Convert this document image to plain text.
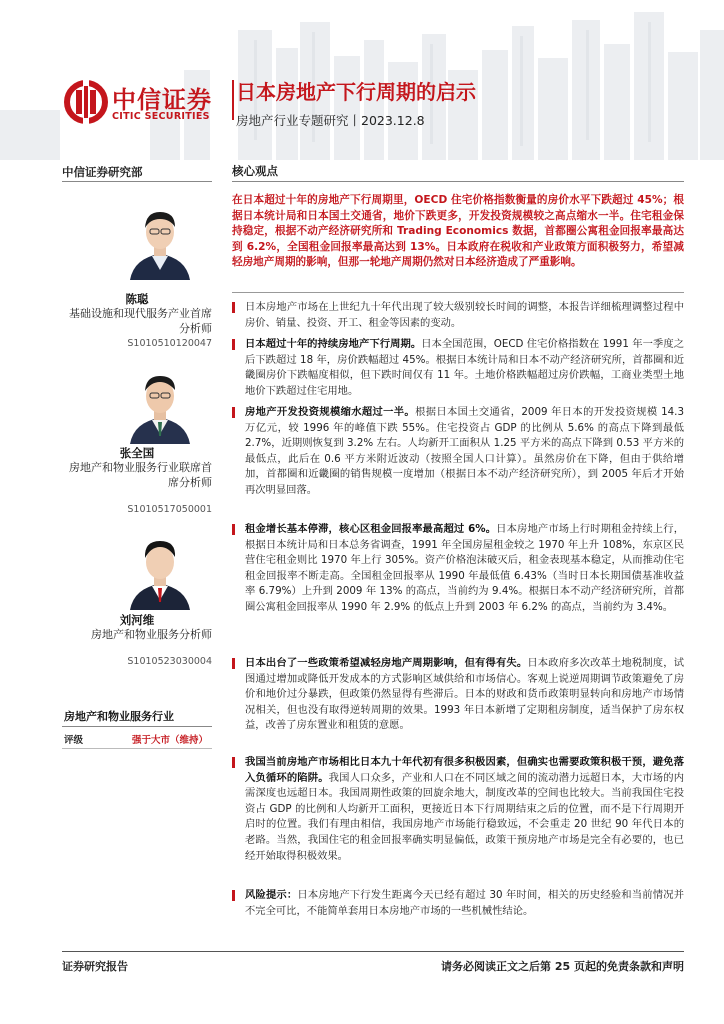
中信证券
CITIC SECURITIES
日本房地产下行周期的启示
房地产行业专题研究丨2023.12.8
中信证券研究部
陈聪
基础设施和现代服务产业首席分析师
S1010510120047
张全国
房地产和物业服务行业联席首席分析师
S1010517050001
刘河维
房地产和物业服务分析师
S1010523030004
房地产和物业服务行业
评级	强于大市（维持）
核心观点
在日本超过十年的房地产下行周期里，OECD 住宅价格指数衡量的房价水平下跌超过 45%；根据日本统计局和日本国土交通省，地价下跌更多，开发投资规模较之高点缩水一半。住宅租金保持稳定，根据不动产经济研究所和 Trading Economics 数据，首都圈公寓租金回报率最高达到 6.2%，全国租金回报率最高达到 13%。日本政府在税收和产业政策方面积极努力，希望减轻房地产周期的影响，但那一轮地产周期仍然对日本经济造成了严重影响。
日本房地产市场在上世纪九十年代出现了较大级别较长时间的调整，本报告详细梳理调整过程中房价、销量、投资、开工、租金等因素的变动。
日本超过十年的持续房地产下行周期。日本全国范围，OECD 住宅价格指数在 1991 年一季度之后下跌超过 18 年，房价跌幅超过 45%。根据日本统计局和日本不动产经济研究所，首都圈和近畿圈房价下跌幅度相似，但下跌时间仅有 11 年。土地价格跌幅超过房价跌幅，工商业类型土地地价下跌超过住宅用地。
房地产开发投资规模缩水超过一半。根据日本国土交通省，2009 年日本的开发投资规模 14.3 万亿元，较 1996 年的峰值下跌 55%。住宅投资占 GDP 的比例从 5.6% 的高点下降到最低 2.7%，近期则恢复到 3.2% 左右。人均新开工面积从 1.25 平方米的高点下降到 0.53 平方米的最低点，此后在 0.6 平方米附近波动（按照全国人口计算）。虽然房价在下降，但由于供给增加，首都圈和近畿圈的销售规模一度增加（根据日本不动产经济研究所），到 2005 年后才开始再次明显回落。
租金增长基本停滞，核心区租金回报率最高超过 6%。日本房地产市场上行时期租金持续上行，根据日本统计局和日本总务省调查，1991 年全国房屋租金较之 1970 年上升 108%，东京区民营住宅租金则比 1970 年上行 305%。资产价格泡沫破灭后，租金表现基本稳定，从而推动住宅租金回报率不断走高。全国租金回报率从 1990 年最低值 6.43%（当时日本长期国债基准收益率 6.79%）上升到 2009 年 13% 的高点，当前约为 9.4%。根据日本不动产经济研究所，首都圈公寓租金回报率从 1990 年 2.9% 的低点上升到 2003 年 6.2% 的高点，当前约为 3.4%。
日本出台了一些政策希望减轻房地产周期影响，但有得有失。日本政府多次改革土地税制度，试图通过增加或降低开发成本的方式影响区域供给和市场信心。客观上说逆周期调节政策避免了房价和地价过分暴跌，但政策仍然显得有些滞后。日本的财政和货币政策明显转向和房地产市场情况相关，但也没有取得逆转周期的效果。1993 年日本新增了定期租房制度，适当保护了房东权益，改善了房东置业和租赁的意愿。
我国当前房地产市场相比日本九十年代初有很多积极因素，但确实也需要政策积极干预，避免落入负循环的陷阱。我国人口众多，产业和人口在不同区域之间的流动潜力远超日本，大市场的内需深度也远超日本。我国周期性政策的回旋余地大，制度改革的空间也比较大。当前我国住宅投资占 GDP 的比例和人均新开工面积，更接近日本下行周期结束之后的位置，而不是下行周期开启时的位置。我们有理由相信，我国房地产市场能行稳致远，不会重走 20 世纪 90 年代日本的老路。当然，我国住宅的租金回报率确实明显偏低，政策干预房地产市场是完全有必要的，也已经开始取得积极效果。
风险提示：日本房地产下行发生距离今天已经有超过 30 年时间，相关的历史经验和当前情况并不完全可比，不能简单套用日本房地产市场的一些机械性结论。
证券研究报告	请务必阅读正文之后第 25 页起的免责条款和声明
